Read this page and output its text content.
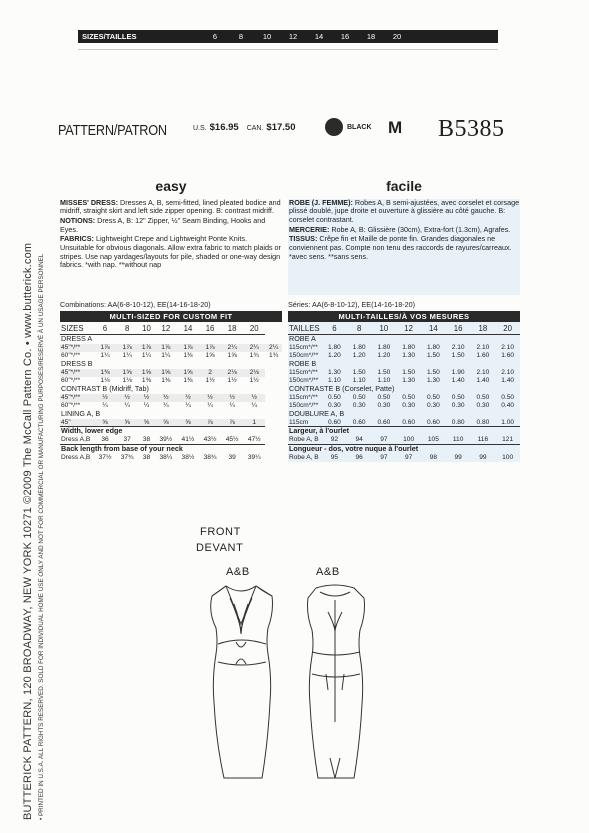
SIZES/TAILLES	6	8	10	12	14	16	18	20
PATTERN/PATRON	U.S. $16.95 CAN. $17.50	BLACK M B5385
BUTTERICK PATTERN, 120 BROADWAY, NEW YORK 10271 ©2009 The McCall Pattern Co. • www.butterick.com • PRINTED IN U.S.A. ALL RIGHTS RESERVED. SOLD FOR INDIVIDUAL HOME USE ONLY AND NOT FOR COMMERCIAL OR MANUFACTURING PURPOSES/RESERVÉ À UN USAGE PERSONNEL
easy

MISSES' DRESS: Dresses A, B, semi-fitted, lined pleated bodice and midriff, straight skirt and left side zipper opening. B: contrast midriff.

NOTIONS: Dress A, B: 12" Zipper, ½" Seam Binding, Hooks and Eyes.

FABRICS: Lightweight Crepe and Lightweight Ponte Knits. Unsuitable for obvious diagonals. Allow extra fabric to match plaids or stripes. Use nap yardages/layouts for pile, shaded or one-way design fabrics. *with nap. **without nap

Combinations: AA(6-8-10-12), EE(14-16-18-20)
MULTI-SIZED FOR CUSTOM FIT
SIZES	6	8	10	12	14	16	18	20	
DRESS A									
45"*/**	1⅞	1⅞	1⅞	1⅞	1⅞	1⅞	2¼	2¼	2¼
60"*/**	1¼	1¼	1¼	1¼	1⅜	1⅝	1⅝	1¾	1¾
DRESS B									
45"*/**	1⅜	1⅝	1⅝	1⅝	1⅝	2	2⅛	2⅛	
60"*/**	1⅛	1⅛	1⅜	1⅜	1⅜	1½	1½	1½	
CONTRAST B (Midriff, Tab)									
45"*/**	½	½	½	½	½	½	½	½	
60"*/**	¼	¼	¼	¼	¼	¼	¼	¼	
LINING A, B									
45"	⅝	⅝	⅝	⅝	⅝	⅞	⅞	1	
Width, lower edge									
Dress A,B	36	37	38	39½	41½	43½	45½	47½	
Back length from base of your neck									
Dress A,B	37½	37¾	38	38¼	38½	38¾	39	39¼	
facile

ROBE (J. FEMME): Robes A, B semi-ajustées, avec corselet et corsage plissé doublé, jupe droite et ouverture à glissière au côté gauche. B: corselet contrastant.

MERCERIE: Robe A, B: Glissière (30cm), Extra-fort (1.3cm), Agrafes.

TISSUS: Crêpe fin et Maille de ponte fin. Grandes diagonales ne conviennent pas. Compte non tenu des raccords de rayures/carreaux. *avec sens. **sans sens.

Séries: AA(6-8-10-12), EE(14-16-18-20)
MULTI-TAILLES/À VOS MESURES
TAILLES	6	8	10	12	14	16	18	20
ROBE A								
115cm*/**	1.80	1.80	1.80	1.80	1.80	2.10	2.10	2.10
150cm*/**	1.20	1.20	1.20	1.30	1.50	1.50	1.60	1.60
ROBE B								
115cm*/**	1.30	1.50	1.50	1.50	1.50	1.90	2.10	2.10
150cm*/**	1.10	1.10	1.10	1.30	1.30	1.40	1.40	1.40
CONTRASTE B (Corselet, Patte)								
115cm*/**	0.50	0.50	0.50	0.50	0.50	0.50	0.50	0.50
150cm*/**	0.30	0.30	0.30	0.30	0.30	0.30	0.30	0.40
DOUBLURE A, B								
115cm	0.60	0.60	0.60	0.60	0.60	0.80	0.80	1.00
Largeur, à l'ourlet								
Robe A, B	92	94	97	100	105	110	116	121
Longueur - dos, votre nuque à l'ourlet								
Robe A, B	95	96	97	97	98	99	99	100
FRONT
DEVANT
A&B	A&B
